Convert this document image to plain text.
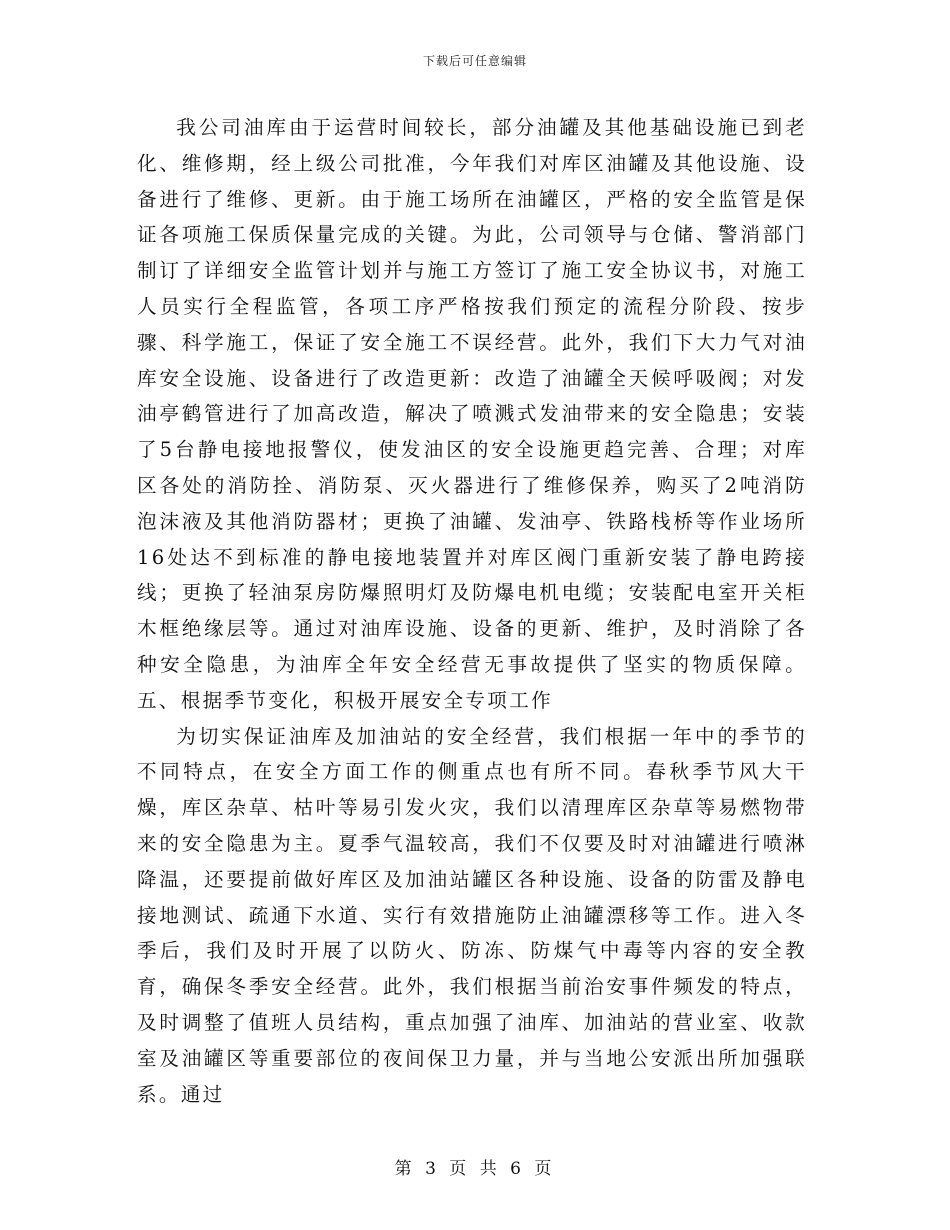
下载后可任意编辑

我公司油库由于运营时间较长，部分油罐及其他基础设施已到老化、维修期，经上级公司批准，今年我们对库区油罐及其他设施、设备进行了维修、更新。由于施工场所在油罐区，严格的安全监管是保证各项施工保质保量完成的关键。为此，公司领导与仓储、警消部门制订了详细安全监管计划并与施工方签订了施工安全协议书，对施工人员实行全程监管，各项工序严格按我们预定的流程分阶段、按步骤、科学施工，保证了安全施工不误经营。此外，我们下大力气对油库安全设施、设备进行了改造更新：改造了油罐全天候呼吸阀；对发油亭鹤管进行了加高改造，解决了喷溅式发油带来的安全隐患；安装了5台静电接地报警仪，使发油区的安全设施更趋完善、合理；对库区各处的消防拴、消防泵、灭火器进行了维修保养，购买了2吨消防泡沫液及其他消防器材；更换了油罐、发油亭、铁路栈桥等作业场所16处达不到标准的静电接地装置并对库区阀门重新安装了静电跨接线；更换了轻油泵房防爆照明灯及防爆电机电缆；安装配电室开关柜木框绝缘层等。通过对油库设施、设备的更新、维护，及时消除了各种安全隐患，为油库全年安全经营无事故提供了坚实的物质保障。五、根据季节变化，积极开展安全专项工作

为切实保证油库及加油站的安全经营，我们根据一年中的季节的不同特点，在安全方面工作的侧重点也有所不同。春秋季节风大干燥，库区杂草、枯叶等易引发火灾，我们以清理库区杂草等易燃物带来的安全隐患为主。夏季气温较高，我们不仅要及时对油罐进行喷淋降温，还要提前做好库区及加油站罐区各种设施、设备的防雷及静电接地测试、疏通下水道、实行有效措施防止油罐漂移等工作。进入冬季后，我们及时开展了以防火、防冻、防煤气中毒等内容的安全教育，确保冬季安全经营。此外，我们根据当前治安事件频发的特点，及时调整了值班人员结构，重点加强了油库、加油站的营业室、收款室及油罐区等重要部位的夜间保卫力量，并与当地公安派出所加强联系。通过

第 3 页 共 6 页
